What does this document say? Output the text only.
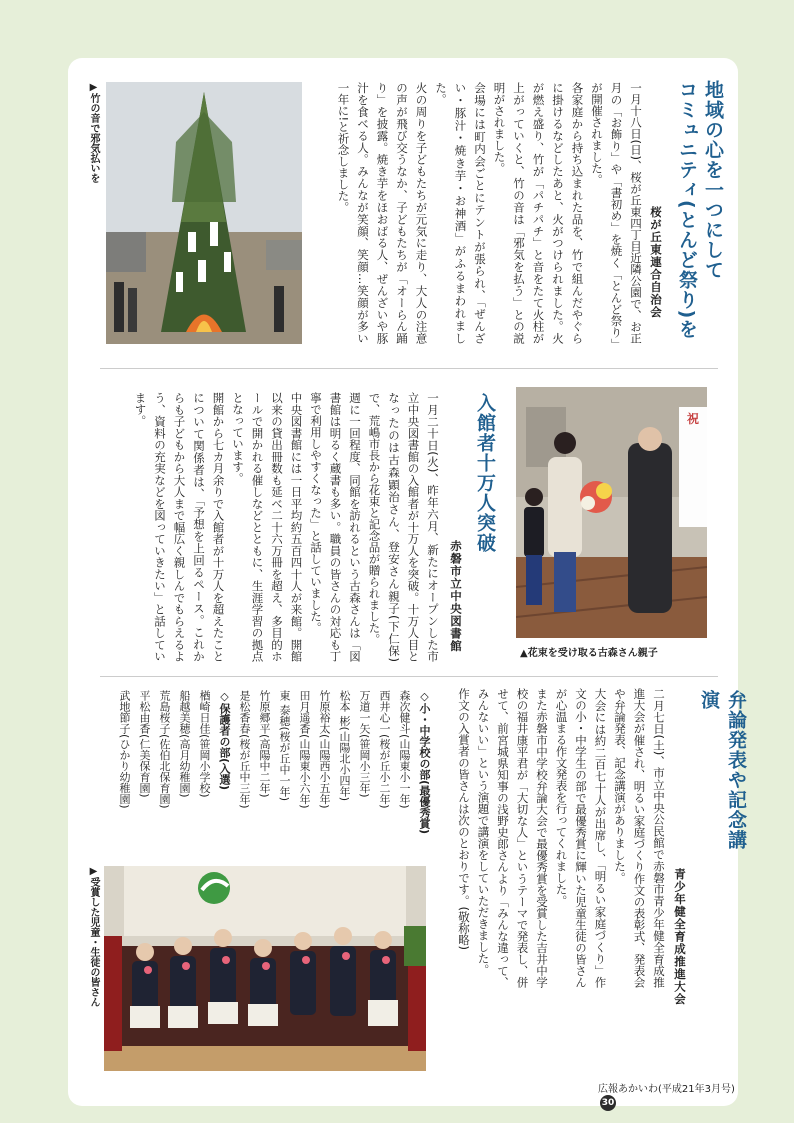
地域の心を一つにして
コミュニティ(とんど祭り)を
桜が丘東連合自治会

一月十八日(日)、桜が丘東四丁目近隣公園で、お正月の「お飾り」や「書初め」を焼く「とんど祭り」が開催されました。

各家庭から持ち込まれた品を、竹で組んだやぐらに掛けるなどしたあと、火がつけられました。火が燃え盛り、竹が「パチパチ」と音をたて火柱が上がっていくと、竹の音は「邪気を払う」との説明がされました。

会場には町内会ごとにテントが張られ、「ぜんざい・豚汁・焼き芋・お神酒」がふるまわれました。

火の周りを子どもたちが元気に走り、大人の注意の声が飛び交うなか、子どもたちが「オーらん踊り」を披露。焼き芋をほおばる人、ぜんざいや豚汁を食べる人。みんなが笑顔、笑顔…笑顔が多い一年に!と祈念しました。

▶竹の音で邪気払いを
入館者十万人突破
赤磐市立中央図書館

一月二十日(火)、昨年六月、新たにオープンした市立中央図書館の入館者が十万人を突破。十万人目となったのは古森顕治さん、登安さん親子(下仁保)で、荒嶋市長から花束と記念品が贈られました。

週に一回程度、同館を訪れるという古森さんは「図書館は明るく蔵書も多い。職員の皆さんの対応も丁寧で利用しやすくなった」と話していました。

中央図書館には一日平均約五百四十人が来館。開館以来の貸出冊数も延べ二十六万冊を超え、多目的ホールで開かれる催しなどとともに、生涯学習の拠点となっています。

開館から七カ月余りで入館者が十万人を超えたことについて関係者は、「予想を上回るペース。これからも子どもから大人まで幅広く親しんでもらえるよう、資料の充実などを図っていきたい」と話しています。	祝
▲花束を受け取る古森さん親子
弁論発表や記念講演
青少年健全育成推進大会

二月七日(土)、市立中央公民館で赤磐市青少年健全育成推進大会が催され、明るい家庭づくり作文の表彰式、発表会や弁論発表、記念講演がありました。

大会には約二百七十人が出席し、「明るい家庭づくり」作文の小・中学生の部で最優秀賞に輝いた児童生徒の皆さんが心温まる作文発表を行ってくれました。

また赤磐市中学校弁論大会で最優秀賞を受賞した吉井中学校の福井康平君が「大切な人」というテーマで発表し、併せて、前宮城県知事の浅野史郎さんより「みんな違って、みんないい」という演題で講演をしていただきました。

作文の入賞者の皆さんは次のとおりです。(敬称略)

◇小・中学校の部(最優秀賞)

森次健斗(山陽東小一年)

西井心一(桜が丘小二年)

万道一矢(笹岡小三年)

松本 彬(山陽北小四年)

竹原裕太(山陽西小五年)

田月遥香(山陽東小六年)

東 泰穂(桜が丘中一年)

竹原郷平(高陽中二年)

是松香春(桜が丘中三年)

◇保護者の部(入選)

楢崎日佳(笹岡小学校)

船越美穂(高月幼稚園)

荒島桜子(佐伯北保育園)

平松由香(仁美保育園)

武地節子(ひかり幼稚園)

▶受賞した児童・生徒の皆さん
広報あかいわ(平成21年3月号) 30
